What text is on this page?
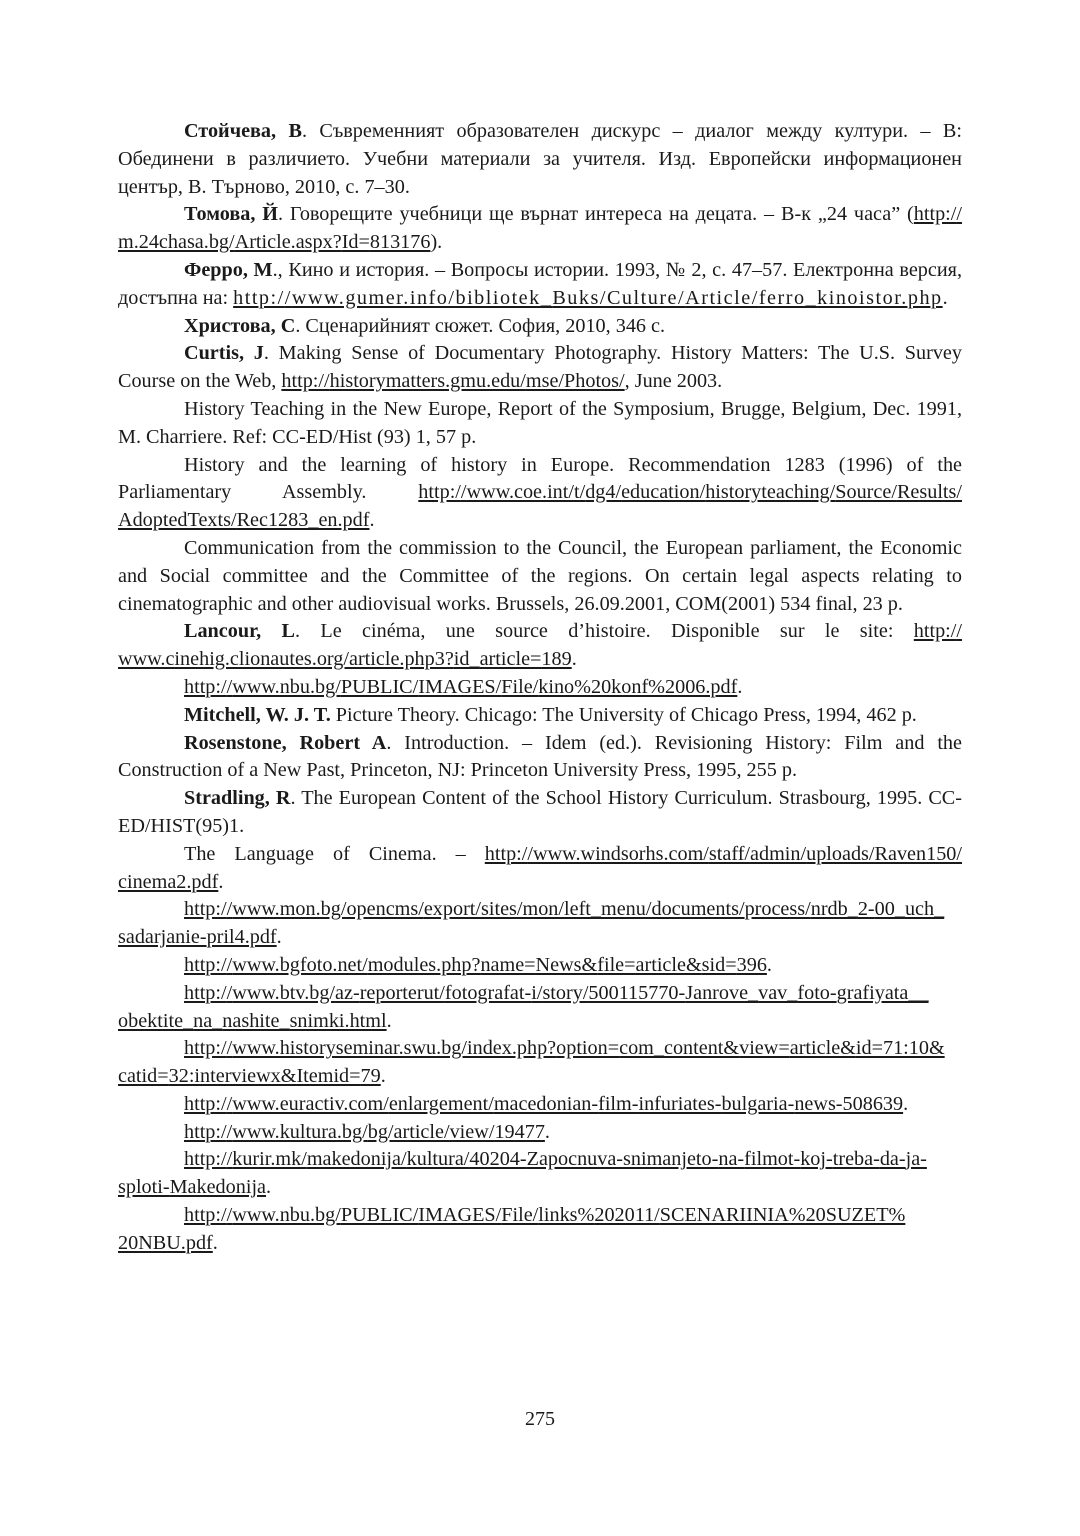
Стойчева, В. Съвременният образователен дискурс – диалог между култури. – В: Обединени в различието. Учебни материали за учителя. Изд. Европейски информационен център, В. Търново, 2010, с. 7–30.

Томова, Й. Говорещите учебници ще върнат интереса на децата. – В-к „24 часа” (http://m.24chasa.bg/Article.aspx?Id=813176).

Ферро, М., Кино и история. – Вопросы истории. 1993, № 2, с. 47–57. Електронна версия, достъпна на: http://www.gumer.info/bibliotek_Buks/Culture/Article/ferro_kinoistor.php.

Христова, С. Сценарийният сюжет. София, 2010, 346 с.

Curtis, J. Making Sense of Documentary Photography. History Matters: The U.S. Survey Course on the Web, http://historymatters.gmu.edu/mse/Photos/, June 2003.

History Teaching in the New Europe, Report of the Symposium, Brugge, Belgium, Dec. 1991, M. Charriere. Ref: CC-ED/Hist (93) 1, 57 p.

History and the learning of history in Europe. Recommendation 1283 (1996) of the Parliamentary Assembly. http://www.coe.int/t/dg4/education/historyteaching/Source/Results/AdoptedTexts/Rec1283_en.pdf.

Communication from the commission to the Council, the European parliament, the Economic and Social committee and the Committee of the regions. On certain legal aspects relating to cinematographic and other audiovisual works. Brussels, 26.09.2001, COM(2001) 534 final, 23 p.

Lancour, L. Le cinéma, une source d’histoire. Disponible sur le site: http://www.cinehig.clionautes.org/article.php3?id_article=189.

http://www.nbu.bg/PUBLIC/IMAGES/File/kino%20konf%2006.pdf.

Mitchell, W. J. T. Picture Theory. Chicago: The University of Chicago Press, 1994, 462 p.

Rosenstone, Robert A. Introduction. – Idem (ed.). Revisioning History: Film and the Construction of a New Past, Princeton, NJ: Princeton University Press, 1995, 255 p.

Stradling, R. The European Content of the School History Curriculum. Strasbourg, 1995. CC-ED/HIST(95)1.

The Language of Cinema. – http://www.windsorhs.com/staff/admin/uploads/Raven150/cinema2.pdf.

http://www.mon.bg/opencms/export/sites/mon/left_menu/documents/process/nrdb_2-00_uch_sadarjanie-pril4.pdf.

http://www.bgfoto.net/modules.php?name=News&file=article&sid=396.

http://www.btv.bg/az-reporterut/fotografat-i/story/500115770-Janrove_vav_foto-grafiyata__obektite_na_nashite_snimki.html.

http://www.historyseminar.swu.bg/index.php?option=com_content&view=article&id=71:10&catid=32:interviewx&Itemid=79.

http://www.euractiv.com/enlargement/macedonian-film-infuriates-bulgaria-news-508639.

http://www.kultura.bg/bg/article/view/19477.

http://kurir.mk/makedonija/kultura/40204-Zapocnuva-snimanjeto-na-filmot-koj-treba-da-ja-sploti-Makedonija.

http://www.nbu.bg/PUBLIC/IMAGES/File/links%202011/SCENARIINIA%20SUZET%20NBU.pdf.

275
